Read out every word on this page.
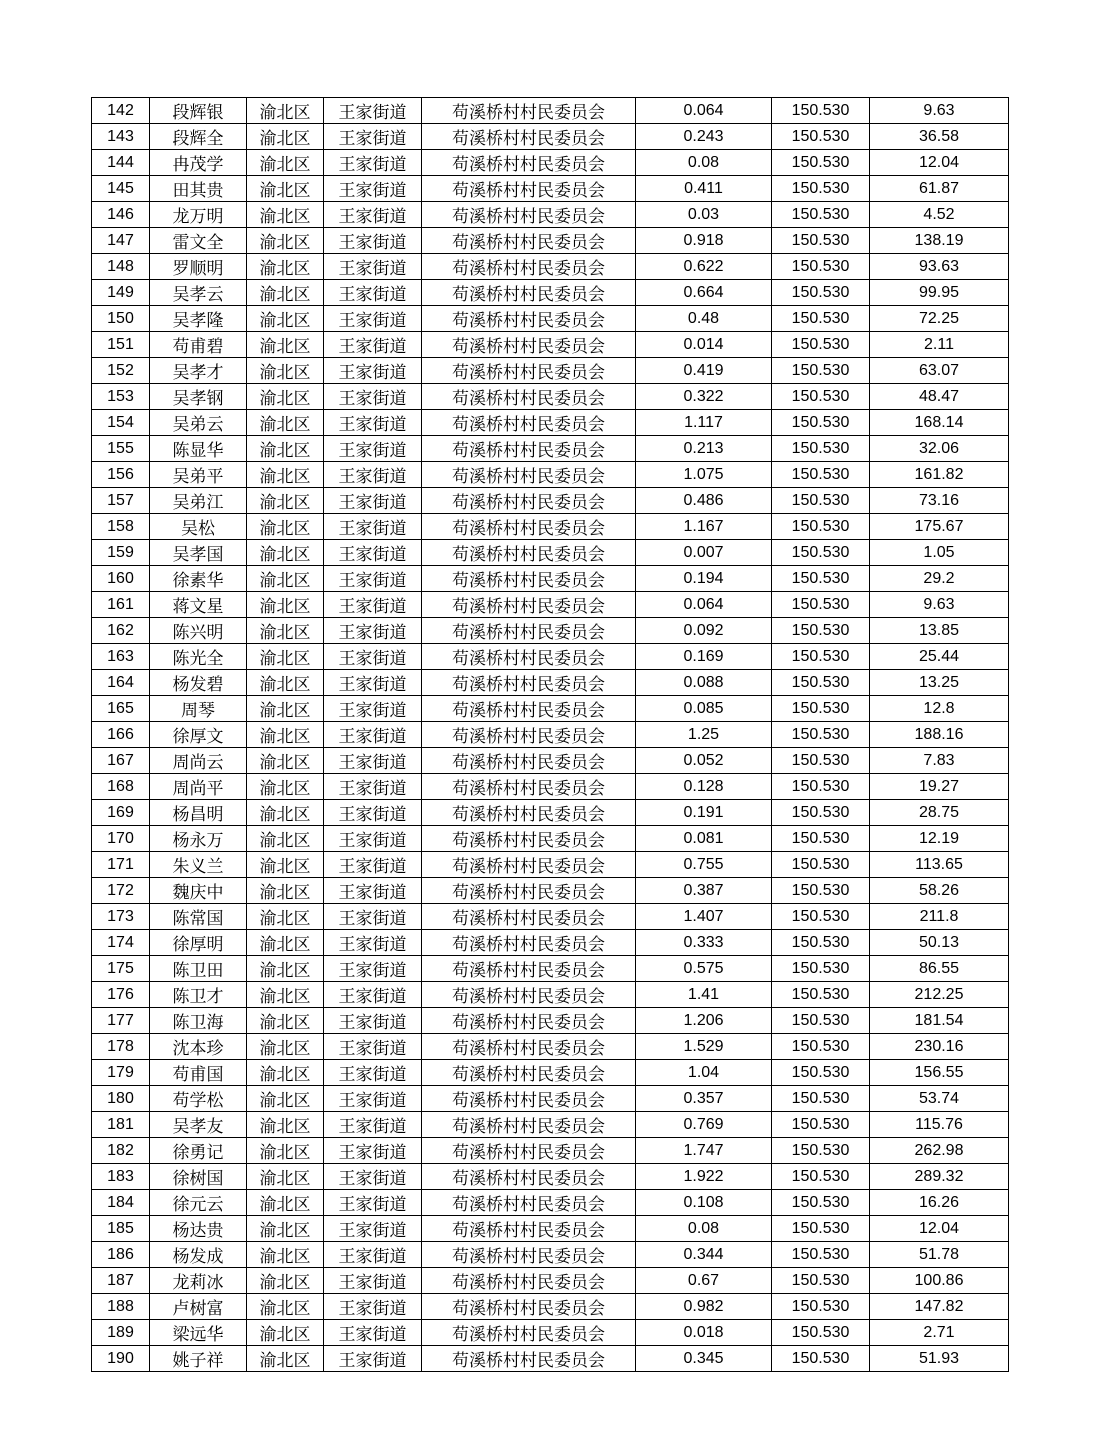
142	段辉银	渝北区	王家街道	苟溪桥村村民委员会	0.064	150.530	9.63
143	段辉全	渝北区	王家街道	苟溪桥村村民委员会	0.243	150.530	36.58
144	冉茂学	渝北区	王家街道	苟溪桥村村民委员会	0.08	150.530	12.04
145	田其贵	渝北区	王家街道	苟溪桥村村民委员会	0.411	150.530	61.87
146	龙万明	渝北区	王家街道	苟溪桥村村民委员会	0.03	150.530	4.52
147	雷文全	渝北区	王家街道	苟溪桥村村民委员会	0.918	150.530	138.19
148	罗顺明	渝北区	王家街道	苟溪桥村村民委员会	0.622	150.530	93.63
149	吴孝云	渝北区	王家街道	苟溪桥村村民委员会	0.664	150.530	99.95
150	吴孝隆	渝北区	王家街道	苟溪桥村村民委员会	0.48	150.530	72.25
151	苟甫碧	渝北区	王家街道	苟溪桥村村民委员会	0.014	150.530	2.11
152	吴孝才	渝北区	王家街道	苟溪桥村村民委员会	0.419	150.530	63.07
153	吴孝钢	渝北区	王家街道	苟溪桥村村民委员会	0.322	150.530	48.47
154	吴弟云	渝北区	王家街道	苟溪桥村村民委员会	1.117	150.530	168.14
155	陈显华	渝北区	王家街道	苟溪桥村村民委员会	0.213	150.530	32.06
156	吴弟平	渝北区	王家街道	苟溪桥村村民委员会	1.075	150.530	161.82
157	吴弟江	渝北区	王家街道	苟溪桥村村民委员会	0.486	150.530	73.16
158	吴松	渝北区	王家街道	苟溪桥村村民委员会	1.167	150.530	175.67
159	吴孝国	渝北区	王家街道	苟溪桥村村民委员会	0.007	150.530	1.05
160	徐素华	渝北区	王家街道	苟溪桥村村民委员会	0.194	150.530	29.2
161	蒋文星	渝北区	王家街道	苟溪桥村村民委员会	0.064	150.530	9.63
162	陈兴明	渝北区	王家街道	苟溪桥村村民委员会	0.092	150.530	13.85
163	陈光全	渝北区	王家街道	苟溪桥村村民委员会	0.169	150.530	25.44
164	杨发碧	渝北区	王家街道	苟溪桥村村民委员会	0.088	150.530	13.25
165	周琴	渝北区	王家街道	苟溪桥村村民委员会	0.085	150.530	12.8
166	徐厚文	渝北区	王家街道	苟溪桥村村民委员会	1.25	150.530	188.16
167	周尚云	渝北区	王家街道	苟溪桥村村民委员会	0.052	150.530	7.83
168	周尚平	渝北区	王家街道	苟溪桥村村民委员会	0.128	150.530	19.27
169	杨昌明	渝北区	王家街道	苟溪桥村村民委员会	0.191	150.530	28.75
170	杨永万	渝北区	王家街道	苟溪桥村村民委员会	0.081	150.530	12.19
171	朱义兰	渝北区	王家街道	苟溪桥村村民委员会	0.755	150.530	113.65
172	魏庆中	渝北区	王家街道	苟溪桥村村民委员会	0.387	150.530	58.26
173	陈常国	渝北区	王家街道	苟溪桥村村民委员会	1.407	150.530	211.8
174	徐厚明	渝北区	王家街道	苟溪桥村村民委员会	0.333	150.530	50.13
175	陈卫田	渝北区	王家街道	苟溪桥村村民委员会	0.575	150.530	86.55
176	陈卫才	渝北区	王家街道	苟溪桥村村民委员会	1.41	150.530	212.25
177	陈卫海	渝北区	王家街道	苟溪桥村村民委员会	1.206	150.530	181.54
178	沈本珍	渝北区	王家街道	苟溪桥村村民委员会	1.529	150.530	230.16
179	苟甫国	渝北区	王家街道	苟溪桥村村民委员会	1.04	150.530	156.55
180	苟学松	渝北区	王家街道	苟溪桥村村民委员会	0.357	150.530	53.74
181	吴孝友	渝北区	王家街道	苟溪桥村村民委员会	0.769	150.530	115.76
182	徐勇记	渝北区	王家街道	苟溪桥村村民委员会	1.747	150.530	262.98
183	徐树国	渝北区	王家街道	苟溪桥村村民委员会	1.922	150.530	289.32
184	徐元云	渝北区	王家街道	苟溪桥村村民委员会	0.108	150.530	16.26
185	杨达贵	渝北区	王家街道	苟溪桥村村民委员会	0.08	150.530	12.04
186	杨发成	渝北区	王家街道	苟溪桥村村民委员会	0.344	150.530	51.78
187	龙莉冰	渝北区	王家街道	苟溪桥村村民委员会	0.67	150.530	100.86
188	卢树富	渝北区	王家街道	苟溪桥村村民委员会	0.982	150.530	147.82
189	梁远华	渝北区	王家街道	苟溪桥村村民委员会	0.018	150.530	2.71
190	姚子祥	渝北区	王家街道	苟溪桥村村民委员会	0.345	150.530	51.93
